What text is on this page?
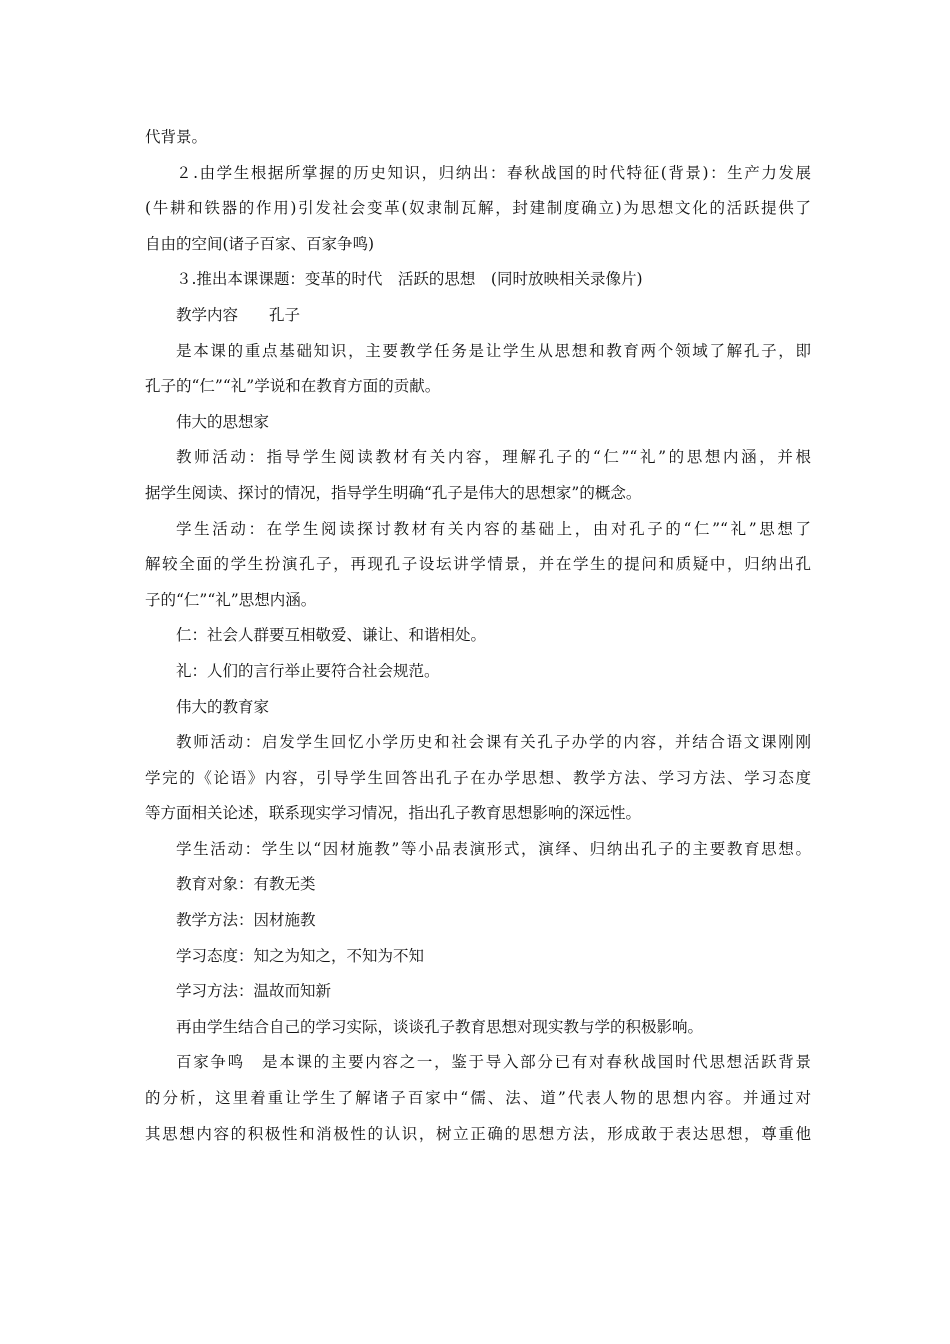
代背景。
２.由学生根据所掌握的历史知识，归纳出：春秋战国的时代特征(背景)：生产力发展
(牛耕和铁器的作用)引发社会变革(奴隶制瓦解，封建制度确立)为思想文化的活跃提供了
自由的空间(诸子百家、百家争鸣)
３.推出本课课题：变革的时代　活跃的思想　(同时放映相关录像片)
教学内容　　孔子
是本课的重点基础知识，主要教学任务是让学生从思想和教育两个领域了解孔子，即
孔子的“仁”“礼”学说和在教育方面的贡献。
伟大的思想家
教师活动：指导学生阅读教材有关内容，理解孔子的“仁”“礼”的思想内涵，并根
据学生阅读、探讨的情况，指导学生明确“孔子是伟大的思想家”的概念。
学生活动：在学生阅读探讨教材有关内容的基础上，由对孔子的“仁”“礼”思想了
解较全面的学生扮演孔子，再现孔子设坛讲学情景，并在学生的提问和质疑中，归纳出孔
子的“仁”“礼”思想内涵。
仁：社会人群要互相敬爱、谦让、和谐相处。
礼：人们的言行举止要符合社会规范。
伟大的教育家
教师活动：启发学生回忆小学历史和社会课有关孔子办学的内容，并结合语文课刚刚
学完的《论语》内容，引导学生回答出孔子在办学思想、教学方法、学习方法、学习态度
等方面相关论述，联系现实学习情况，指出孔子教育思想影响的深远性。
学生活动：学生以“因材施教”等小品表演形式，演绎、归纳出孔子的主要教育思想。
教育对象：有教无类
教学方法：因材施教
学习态度：知之为知之，不知为不知
学习方法：温故而知新
再由学生结合自己的学习实际，谈谈孔子教育思想对现实教与学的积极影响。
百家争鸣　是本课的主要内容之一，鉴于导入部分已有对春秋战国时代思想活跃背景
的分析，这里着重让学生了解诸子百家中“儒、法、道”代表人物的思想内容。并通过对
其思想内容的积极性和消极性的认识，树立正确的思想方法，形成敢于表达思想，尊重他
